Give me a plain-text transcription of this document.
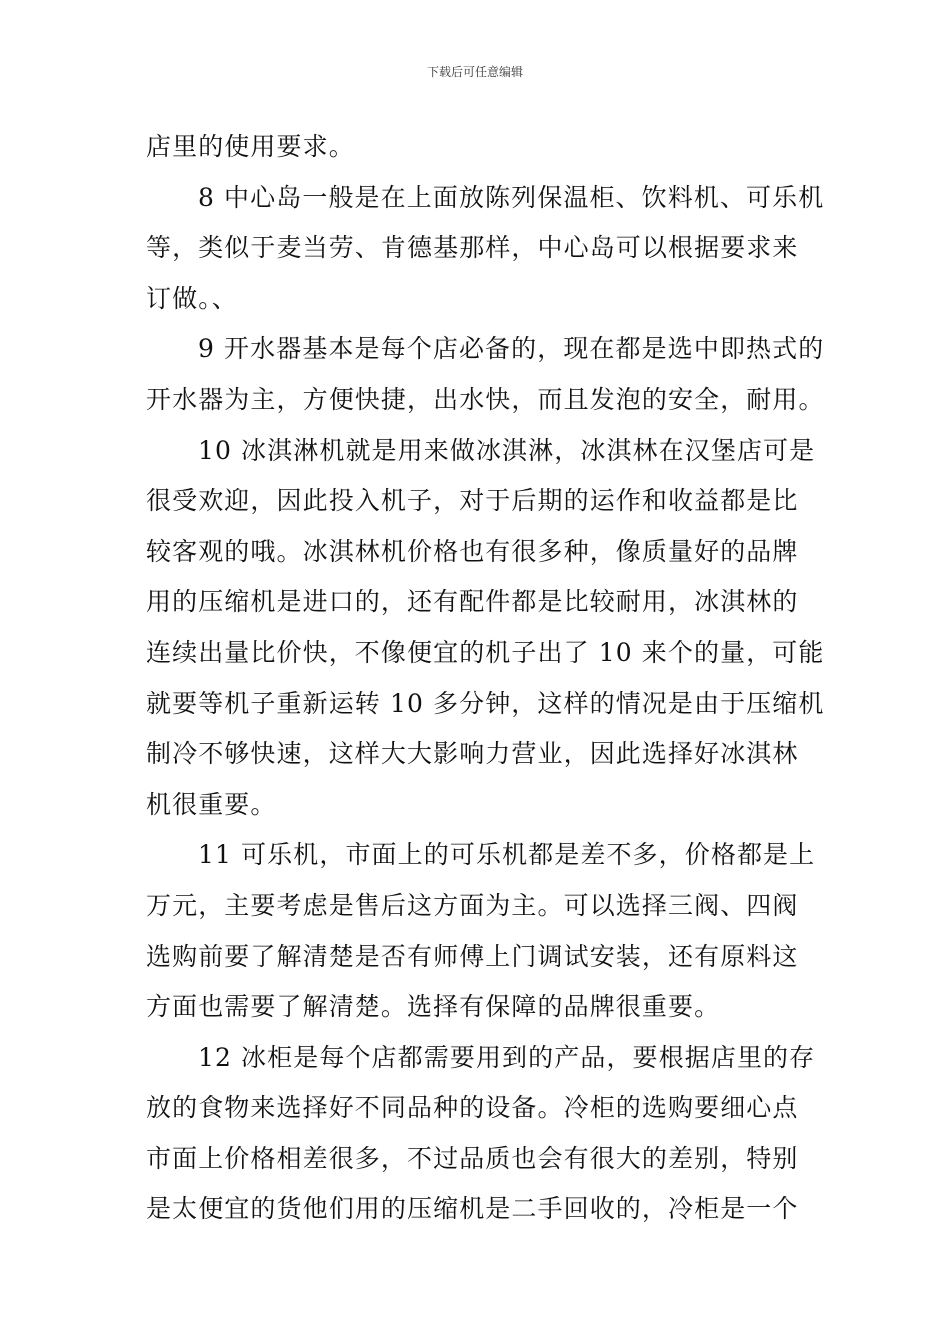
下载后可任意编辑
店里的使用要求。
8 中心岛一般是在上面放陈列保温柜、饮料机、可乐机
等，类似于麦当劳、肯德基那样，中心岛可以根据要求来
订做。、
9 开水器基本是每个店必备的，现在都是选中即热式的
开水器为主，方便快捷，出水快，而且发泡的安全，耐用。
10 冰淇淋机就是用来做冰淇淋，冰淇林在汉堡店可是
很受欢迎，因此投入机子，对于后期的运作和收益都是比
较客观的哦。冰淇林机价格也有很多种，像质量好的品牌
用的压缩机是进口的，还有配件都是比较耐用，冰淇林的
连续出量比价快，不像便宜的机子出了 10 来个的量，可能
就要等机子重新运转 10 多分钟，这样的情况是由于压缩机
制冷不够快速，这样大大影响力营业，因此选择好冰淇林
机很重要。
11 可乐机，市面上的可乐机都是差不多，价格都是上
万元，主要考虑是售后这方面为主。可以选择三阀、四阀
选购前要了解清楚是否有师傅上门调试安装，还有原料这
方面也需要了解清楚。选择有保障的品牌很重要。
12 冰柜是每个店都需要用到的产品，要根据店里的存
放的食物来选择好不同品种的设备。冷柜的选购要细心点
市面上价格相差很多，不过品质也会有很大的差别，特别
是太便宜的货他们用的压缩机是二手回收的，冷柜是一个
